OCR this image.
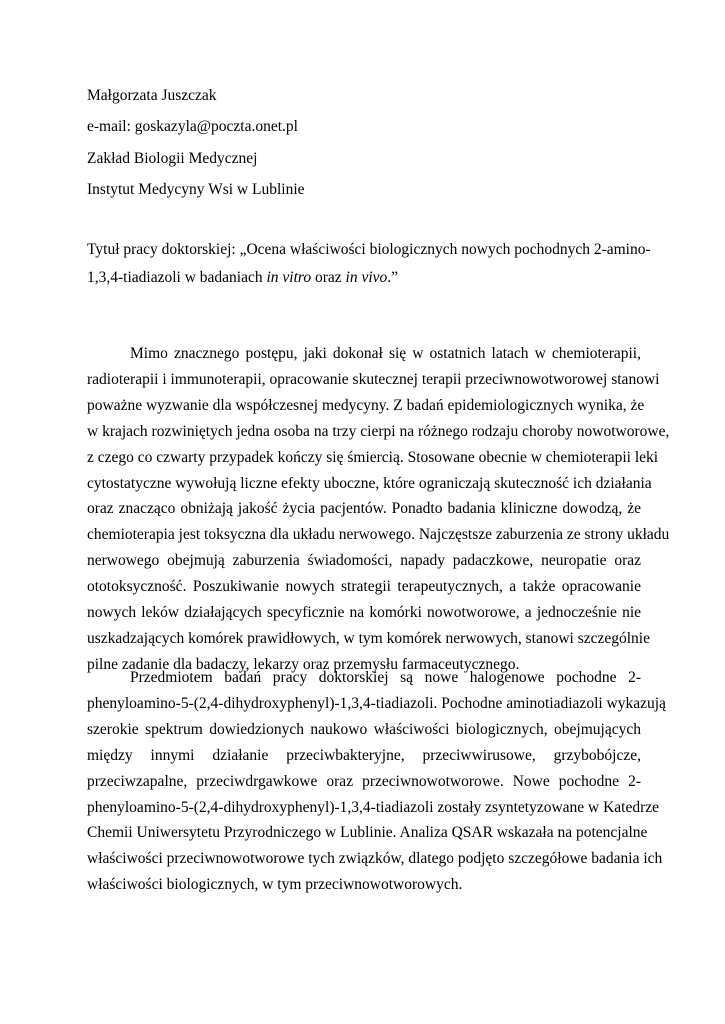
Małgorzata Juszczak
e-mail: goskazyla@poczta.onet.pl
Zakład Biologii Medycznej
Instytut Medycyny Wsi w Lublinie
Tytuł pracy doktorskiej: „Ocena właściwości biologicznych nowych pochodnych 2-amino-
1,3,4-tiadiazoli w badaniach in vitro oraz in vivo.”
Mimo znacznego postępu, jaki dokonał się w ostatnich latach w chemioterapii,
radioterapii i immunoterapii, opracowanie skutecznej terapii przeciwnowotworowej stanowi
poważne wyzwanie dla współczesnej medycyny. Z badań epidemiologicznych wynika, że
w krajach rozwiniętych jedna osoba na trzy cierpi na różnego rodzaju choroby nowotworowe,
z czego co czwarty przypadek kończy się śmiercią. Stosowane obecnie w chemioterapii leki
cytostatyczne wywołują liczne efekty uboczne, które ograniczają skuteczność ich działania
oraz znacząco obniżają jakość życia pacjentów. Ponadto badania kliniczne dowodzą, że
chemioterapia jest toksyczna dla układu nerwowego. Najczęstsze zaburzenia ze strony układu
nerwowego obejmują zaburzenia świadomości, napady padaczkowe, neuropatie oraz
ototoksyczność. Poszukiwanie nowych strategii terapeutycznych, a także opracowanie
nowych leków działających specyficznie na komórki nowotworowe, a jednocześnie nie
uszkadzających komórek prawidłowych, w tym komórek nerwowych, stanowi szczególnie
pilne zadanie dla badaczy, lekarzy oraz przemysłu farmaceutycznego.
Przedmiotem badań pracy doktorskiej są nowe halogenowe pochodne 2-
phenyloamino-5-(2,4-dihydroxyphenyl)-1,3,4-tiadiazoli. Pochodne aminotiadiazoli wykazują
szerokie spektrum dowiedzionych naukowo właściwości biologicznych, obejmujących
między innymi działanie przeciwbakteryjne, przeciwwirusowe, grzybobójcze,
przeciwzapalne, przeciwdrgawkowe oraz przeciwnowotworowe. Nowe pochodne 2-
phenyloamino-5-(2,4-dihydroxyphenyl)-1,3,4-tiadiazoli zostały zsyntetyzowane w Katedrze
Chemii Uniwersytetu Przyrodniczego w Lublinie. Analiza QSAR wskazała na potencjalne
właściwości przeciwnowotworowe tych związków, dlatego podjęto szczegółowe badania ich
właściwości biologicznych, w tym przeciwnowotworowych.
